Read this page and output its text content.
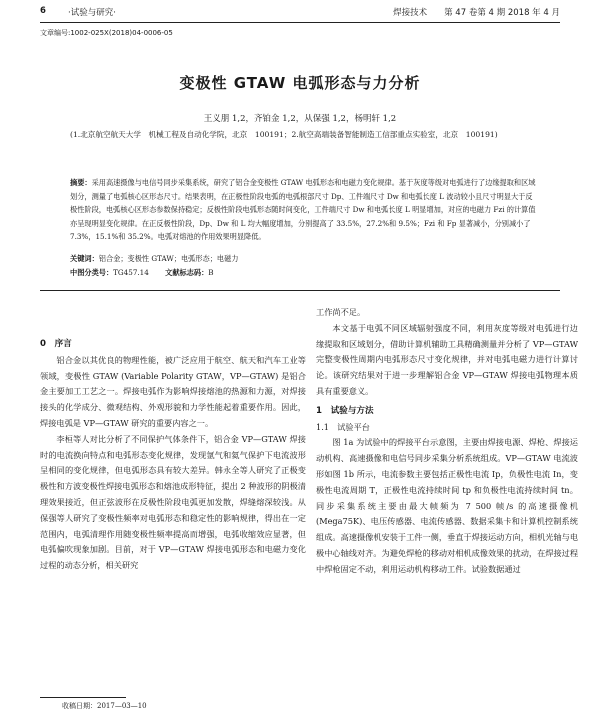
6	·试验与研究·	焊接技术　　第 47 卷第 4 期 2018 年 4 月
文章编号:1002-025X(2018)04-0006-05
变极性 GTAW 电弧形态与力分析
王义朋 1,2，齐铂金 1,2，从保强 1,2，杨明轩 1,2
(1.北京航空航天大学　机械工程及自动化学院，北京　100191；2.航空高端装备智能制造工信部重点实验室，北京　100191)
摘要：采用高速摄像与电信号同步采集系统，研究了铝合金变极性 GTAW 电弧形态和电磁力变化规律。基于灰度等级对电弧进行了边缘提取和区域划分，测量了电弧核心区形态尺寸。结果表明，在正极性阶段电弧的电弧根部尺寸 Dp、工件端尺寸 Dw 和电弧长度 L 波动较小且尺寸明显大于反极性阶段，电弧核心区形态参数保持稳定；反极性阶段电弧形态随时间变化，工件端尺寸 Dw 和电弧长度 L 明显增加，对应的电磁力 Fzi 的计算值亦呈现明显变化规律。在正反极性阶段，Dp、Dw 和 L 均大幅度增加，分别提高了 33.5%，27.2%和 9.5%；Fzi 和 Fp 显著减小，分别减小了 7.3%，15.1%和 35.2%。电弧对熔池的作用效果明显降低。
关键词：铝合金；变极性 GTAW；电弧形态；电磁力
中图分类号：TG457.14 文献标志码：B

0　序言

铝合金以其优良的物理性能，被广泛应用于航空、航天和汽车工业等领域，变极性 GTAW (Variable Polarity GTAW，VP—GTAW) 是铝合金主要加工工艺之一。焊接电弧作为影响焊接熔池的热源和力源，对焊接接头的化学成分、微观结构、外观形貌和力学性能起着重要作用。因此，焊接电弧是 VP—GTAW 研究的重要内容之一。

李桓等人对比分析了不同保护气体条件下，铝合金 VP—GTAW 焊接时的电流换向特点和电弧形态变化规律，发现氩气和氦气保护下电流波形呈相同的变化规律，但电弧形态具有较大差异。韩永全等人研究了正极变极性和方波变极性焊接电弧形态和熔池成形特征，提出 2 种波形的阴极清理效果接近，但正弦波形在反极性阶段电弧更加发散，焊缝熔深较浅。从保强等人研究了变极性频率对电弧形态和稳定性的影响规律，得出在一定范围内，电弧清理作用随变极性频率提高而增强，电弧收缩效应显著，但电弧偏吹现象加剧。目前，对于 VP—GTAW 焊接电弧形态和电磁力变化过程的动态分析，相关研究

工作尚不足。

本文基于电弧不同区域辐射强度不同，利用灰度等级对电弧进行边缘提取和区域划分，借助计算机辅助工具精确测量并分析了 VP—GTAW 完整变极性周期内电弧形态尺寸变化规律，并对电弧电磁力进行计算讨论。该研究结果对于进一步理解铝合金 VP—GTAW 焊接电弧物理本质具有重要意义。

1　试验与方法

1.1　试验平台

图 1a 为试验中的焊接平台示意图，主要由焊接电源、焊枪、焊接运动机构、高速摄像和电信号同步采集分析系统组成。VP—GTAW 电流波形如图 1b 所示，电流参数主要包括正极性电流 Ip，负极性电流 In，变极性电流周期 T，正极性电流持续时间 tp 和负极性电流持续时间 tn。同步采集系统主要由最大帧频为 7 500 帧/s 的高速摄像机 (Mega75K)、电压传感器、电流传感器、数据采集卡和计算机控制系统组成。高速摄像机安装于工件一侧，垂直于焊接运动方向，相机光轴与电极中心轴线对齐。为避免焊枪的移动对相机成像效果的扰动，在焊接过程中焊枪固定不动，利用运动机构移动工件。试验数据通过

收稿日期：2017—03—10
